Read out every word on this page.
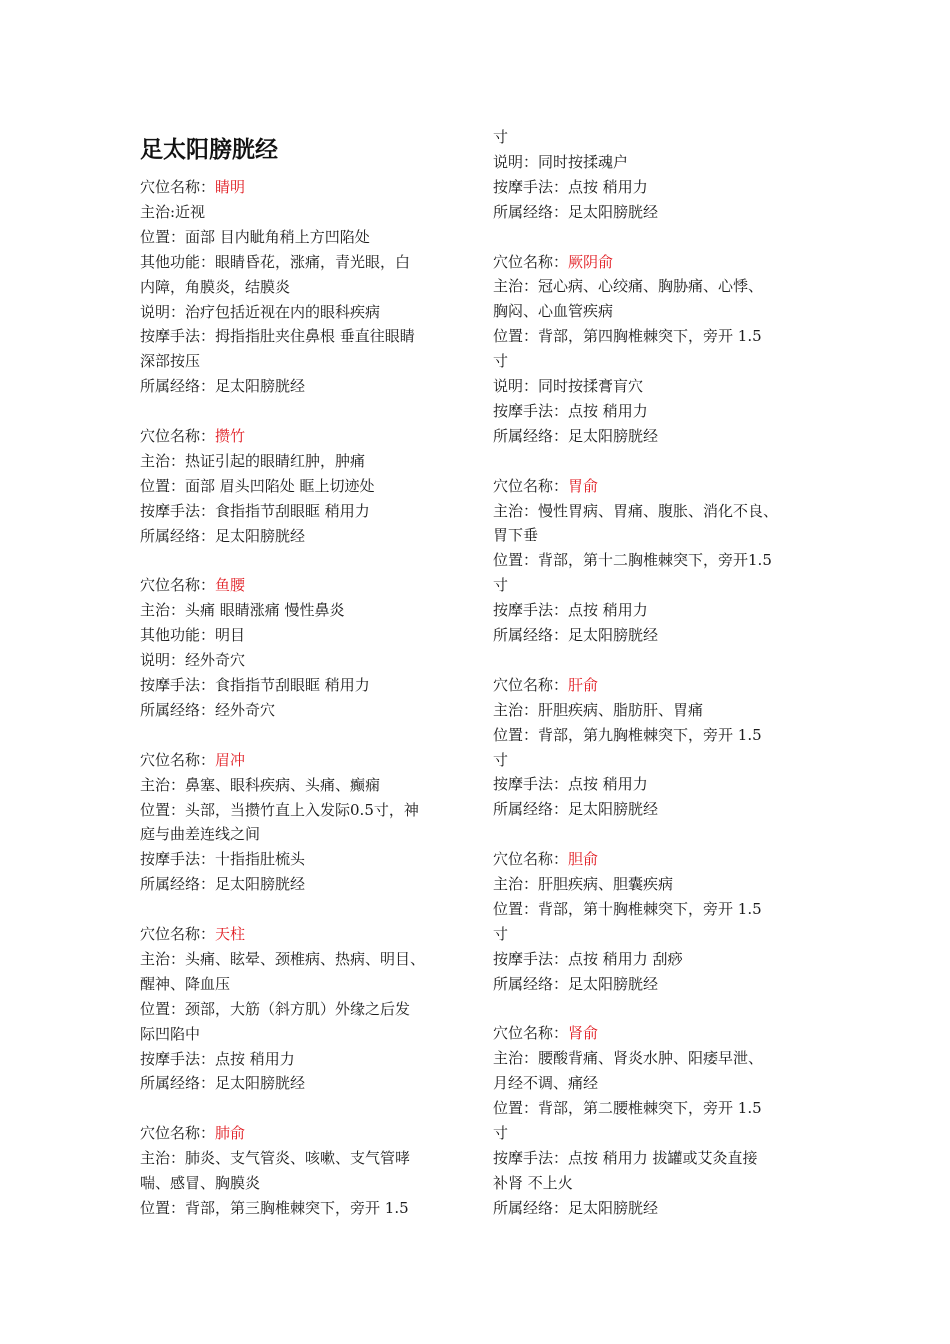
足太阳膀胱经
穴位名称：睛明
主治:近视
位置：面部 目内眦角稍上方凹陷处
其他功能：眼睛昏花，涨痛，青光眼，白
内障，角膜炎，结膜炎
说明：治疗包括近视在内的眼科疾病
按摩手法：拇指指肚夹住鼻根 垂直往眼睛
深部按压
所属经络：足太阳膀胱经
穴位名称：攒竹
主治：热证引起的眼睛红肿，肿痛
位置：面部 眉头凹陷处 眶上切迹处
按摩手法：食指指节刮眼眶 稍用力
所属经络：足太阳膀胱经
穴位名称：鱼腰
主治：头痛 眼睛涨痛 慢性鼻炎
其他功能：明目
说明：经外奇穴
按摩手法：食指指节刮眼眶 稍用力
所属经络：经外奇穴
穴位名称：眉冲
主治：鼻塞、眼科疾病、头痛、癫痫
位置：头部，当攒竹直上入发际0.5寸，神
庭与曲差连线之间
按摩手法：十指指肚梳头
所属经络：足太阳膀胱经
穴位名称：天柱
主治：头痛、眩晕、颈椎病、热病、明目、
醒神、降血压
位置：颈部，大筋（斜方肌）外缘之后发
际凹陷中
按摩手法：点按 稍用力
所属经络：足太阳膀胱经
穴位名称：肺俞
主治：肺炎、支气管炎、咳嗽、支气管哮
喘、感冒、胸膜炎
位置：背部，第三胸椎棘突下，旁开 1.5
寸
说明：同时按揉魂户
按摩手法：点按 稍用力
所属经络：足太阳膀胱经
穴位名称：厥阴俞
主治：冠心病、心绞痛、胸胁痛、心悸、
胸闷、心血管疾病
位置：背部，第四胸椎棘突下，旁开 1.5
寸
说明：同时按揉膏肓穴
按摩手法：点按 稍用力
所属经络：足太阳膀胱经
穴位名称：胃俞
主治：慢性胃病、胃痛、腹胀、消化不良、
胃下垂
位置：背部，第十二胸椎棘突下，旁开1.5
寸
按摩手法：点按 稍用力
所属经络：足太阳膀胱经
穴位名称：肝俞
主治：肝胆疾病、脂肪肝、胃痛
位置：背部，第九胸椎棘突下，旁开 1.5
寸
按摩手法：点按 稍用力
所属经络：足太阳膀胱经
穴位名称：胆俞
主治：肝胆疾病、胆囊疾病
位置：背部，第十胸椎棘突下，旁开 1.5
寸
按摩手法：点按 稍用力 刮痧
所属经络：足太阳膀胱经
穴位名称：肾俞
主治：腰酸背痛、肾炎水肿、阳痿早泄、
月经不调、痛经
位置：背部，第二腰椎棘突下，旁开 1.5
寸
按摩手法：点按 稍用力 拔罐或艾灸直接
补肾 不上火
所属经络：足太阳膀胱经
